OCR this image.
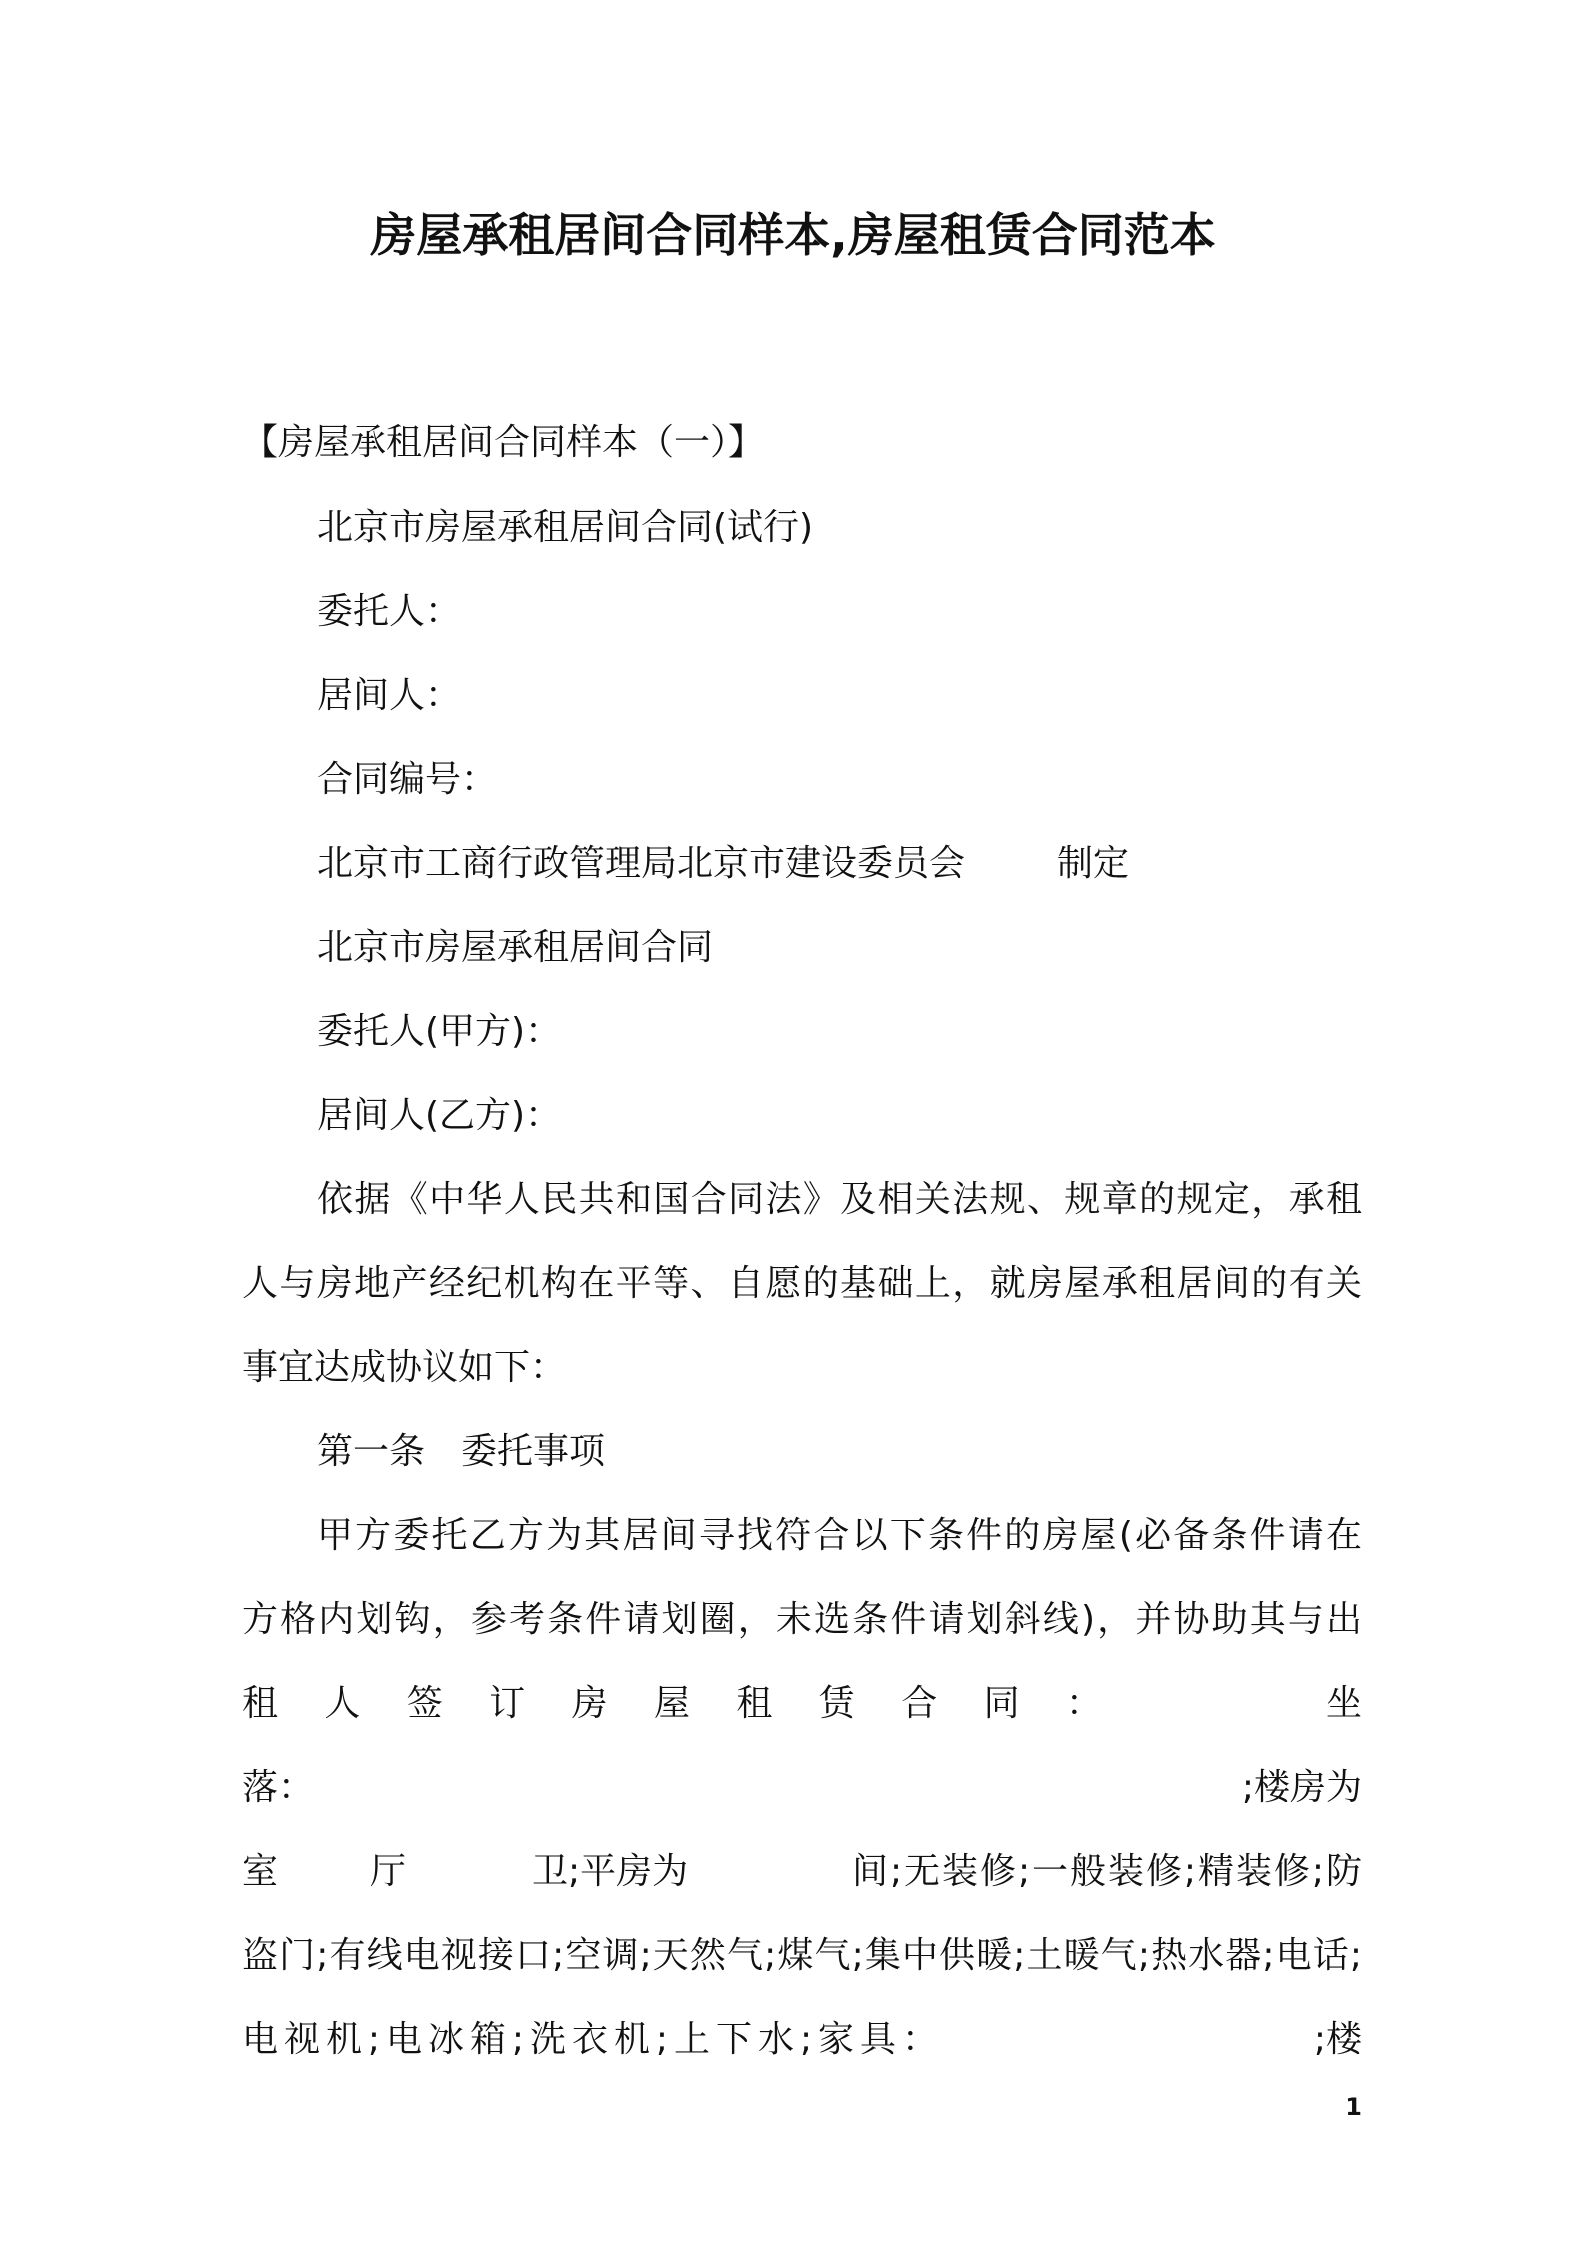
房屋承租居间合同样本,房屋租赁合同范本
【房屋承租居间合同样本（一）】
北京市房屋承租居间合同(试行)
委托人：
居间人：
合同编号：
北京市工商行政管理局北京市建设委员会	制定
北京市房屋承租居间合同
委托人(甲方)：
居间人(乙方)：
依据《中华人民共和国合同法》及相关法规、规章的规定，承租
人与房地产经纪机构在平等、自愿的基础上，就房屋承租居间的有关
事宜达成协议如下：
第一条 委托事项
甲方委托乙方为其居间寻找符合以下条件的房屋(必备条件请在
方格内划钩，参考条件请划圈，未选条件请划斜线)，并协助其与出
租人签订房屋租赁合同：	坐
落：	;楼房为
室	厅	卫;平房为	间;无装修;一般装修;精装修;防
盗门;有线电视接口;空调;天然气;煤气;集中供暖;土暖气;热水器;电话;
电视机;电冰箱;洗衣机;上下水;家具：	;楼
1
